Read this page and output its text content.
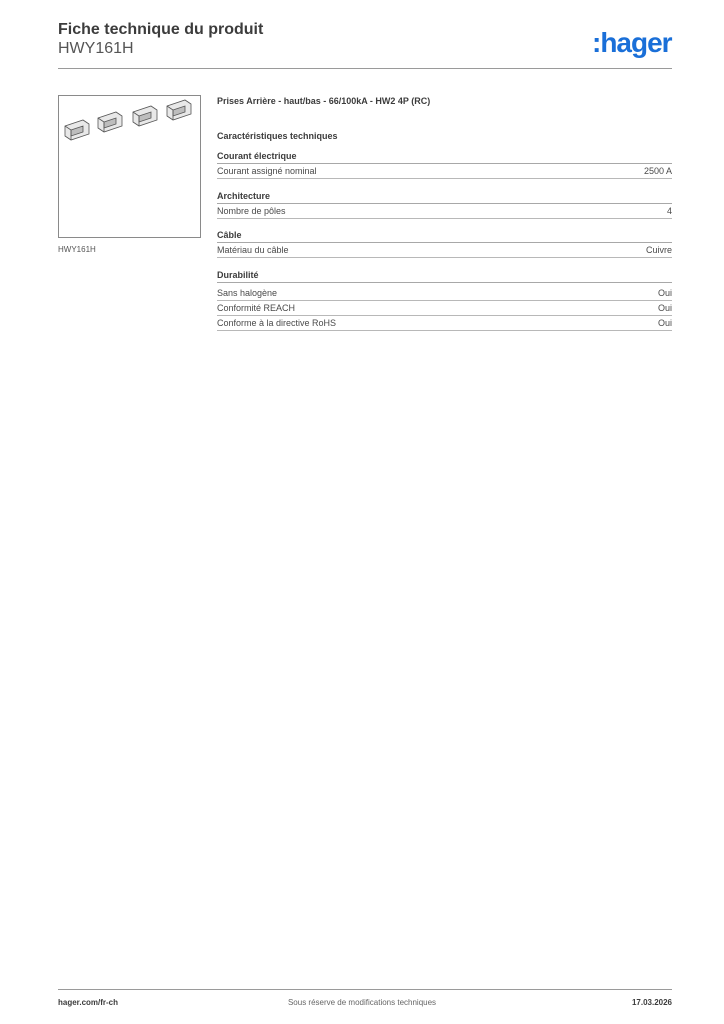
Fiche technique du produit
HWY161H	:hager
HWY161H
Prises Arrière - haut/bas - 66/100kA - HW2 4P (RC)
Caractéristiques techniques
Courant électrique
Courant assigné nominal	2500 A
Architecture
Nombre de pôles	4
Câble
Matériau du câble	Cuivre
Durabilité
Sans halogène	Oui
Conformité REACH	Oui
Conforme à la directive RoHS	Oui
hager.com/fr-ch	Sous réserve de modifications techniques	17.03.2026
